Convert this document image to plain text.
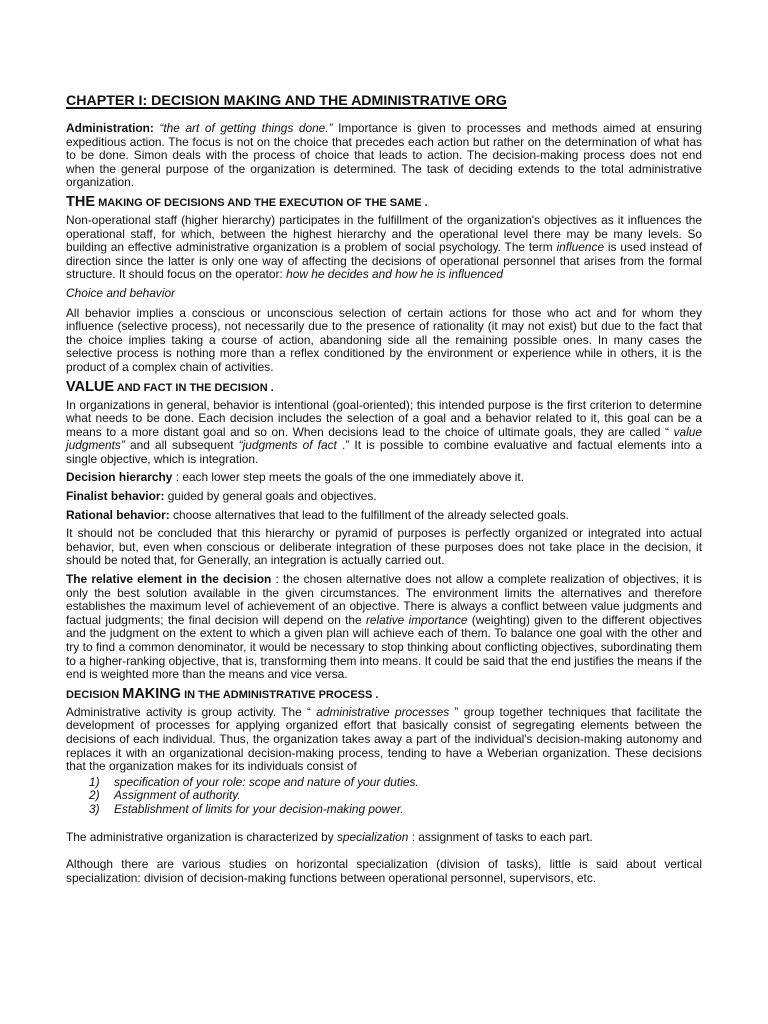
CHAPTER I: DECISION MAKING AND THE ADMINISTRATIVE ORG

Administration: “the art of getting things done.” Importance is given to processes and methods aimed at ensuring expeditious action. The focus is not on the choice that precedes each action but rather on the determination of what has to be done. Simon deals with the process of choice that leads to action. The decision-making process does not end when the general purpose of the organization is determined. The task of deciding extends to the total administrative organization.

THE MAKING OF DECISIONS AND THE EXECUTION OF THE SAME .

Non-operational staff (higher hierarchy) participates in the fulfillment of the organization's objectives as it influences the operational staff, for which, between the highest hierarchy and the operational level there may be many levels. So building an effective administrative organization is a problem of social psychology. The term influence is used instead of direction since the latter is only one way of affecting the decisions of operational personnel that arises from the formal structure. It should focus on the operator: how he decides and how he is influenced

Choice and behavior

All behavior implies a conscious or unconscious selection of certain actions for those who act and for whom they influence (selective process), not necessarily due to the presence of rationality (it may not exist) but due to the fact that the choice implies taking a course of action, abandoning side all the remaining possible ones. In many cases the selective process is nothing more than a reflex conditioned by the environment or experience while in others, it is the product of a complex chain of activities.

VALUE AND FACT IN THE DECISION .

In organizations in general, behavior is intentional (goal-oriented); this intended purpose is the first criterion to determine what needs to be done. Each decision includes the selection of a goal and a behavior related to it, this goal can be a means to a more distant goal and so on. When decisions lead to the choice of ultimate goals, they are called “ value judgments” and all subsequent “judgments of fact .” It is possible to combine evaluative and factual elements into a single objective, which is integration.

Decision hierarchy : each lower step meets the goals of the one immediately above it.

Finalist behavior: guided by general goals and objectives.

Rational behavior: choose alternatives that lead to the fulfillment of the already selected goals.

It should not be concluded that this hierarchy or pyramid of purposes is perfectly organized or integrated into actual behavior, but, even when conscious or deliberate integration of these purposes does not take place in the decision, it should be noted that, for Generally, an integration is actually carried out.

The relative element in the decision : the chosen alternative does not allow a complete realization of objectives, it is only the best solution available in the given circumstances. The environment limits the alternatives and therefore establishes the maximum level of achievement of an objective. There is always a conflict between value judgments and factual judgments; the final decision will depend on the relative importance (weighting) given to the different objectives and the judgment on the extent to which a given plan will achieve each of them. To balance one goal with the other and try to find a common denominator, it would be necessary to stop thinking about conflicting objectives, subordinating them to a higher-ranking objective, that is, transforming them into means. It could be said that the end justifies the means if the end is weighted more than the means and vice versa.

DECISION MAKING IN THE ADMINISTRATIVE PROCESS .

Administrative activity is group activity. The “ administrative processes ” group together techniques that facilitate the development of processes for applying organized effort that basically consist of segregating elements between the decisions of each individual. Thus, the organization takes away a part of the individual's decision-making autonomy and replaces it with an organizational decision-making process, tending to have a Weberian organization. These decisions that the organization makes for its individuals consist of

1) specification of your role: scope and nature of your duties.
2) Assignment of authority.
3) Establishment of limits for your decision-making power.

The administrative organization is characterized by specialization : assignment of tasks to each part.

Although there are various studies on horizontal specialization (division of tasks), little is said about vertical specialization: division of decision-making functions between operational personnel, supervisors, etc.
